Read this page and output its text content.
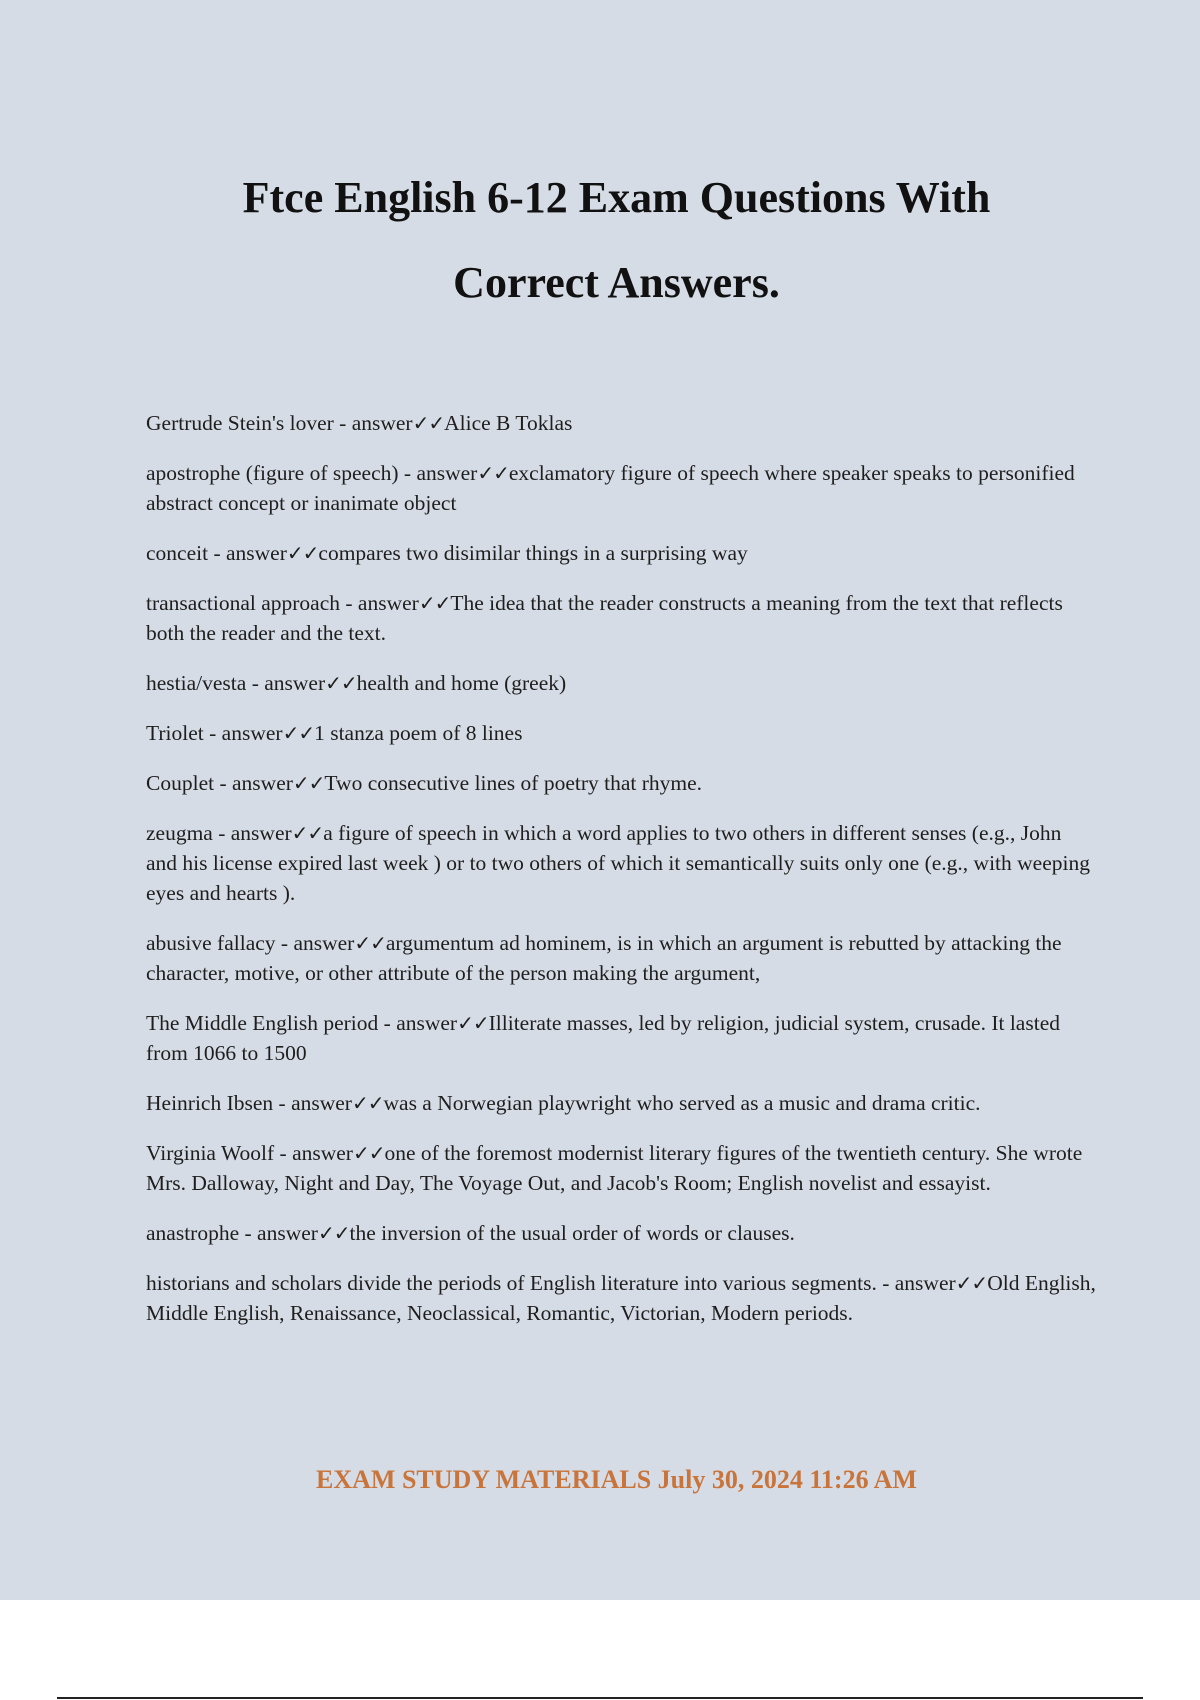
Ftce English 6-12 Exam Questions With
Correct Answers.
Gertrude Stein's lover - answer✓✓Alice B Toklas
apostrophe (figure of speech) - answer✓✓exclamatory figure of speech where speaker speaks to personified abstract concept or inanimate object
conceit - answer✓✓compares two disimilar things in a surprising way
transactional approach - answer✓✓The idea that the reader constructs a meaning from the text that reflects both the reader and the text.
hestia/vesta - answer✓✓health and home (greek)
Triolet - answer✓✓1 stanza poem of 8 lines
Couplet - answer✓✓Two consecutive lines of poetry that rhyme.
zeugma - answer✓✓a figure of speech in which a word applies to two others in different senses (e.g., John and his license expired last week ) or to two others of which it semantically suits only one (e.g., with weeping eyes and hearts ).
abusive fallacy - answer✓✓argumentum ad hominem, is in which an argument is rebutted by attacking the character, motive, or other attribute of the person making the argument,
The Middle English period - answer✓✓Illiterate masses, led by religion, judicial system, crusade. It lasted from 1066 to 1500
Heinrich Ibsen - answer✓✓was a Norwegian playwright who served as a music and drama critic.
Virginia Woolf - answer✓✓one of the foremost modernist literary figures of the twentieth century. She wrote Mrs. Dalloway, Night and Day, The Voyage Out, and Jacob's Room; English novelist and essayist.
anastrophe - answer✓✓the inversion of the usual order of words or clauses.
historians and scholars divide the periods of English literature into various segments. - answer✓✓Old English, Middle English, Renaissance, Neoclassical, Romantic, Victorian, Modern periods.
EXAM STUDY MATERIALS July 30, 2024 11:26 AM
